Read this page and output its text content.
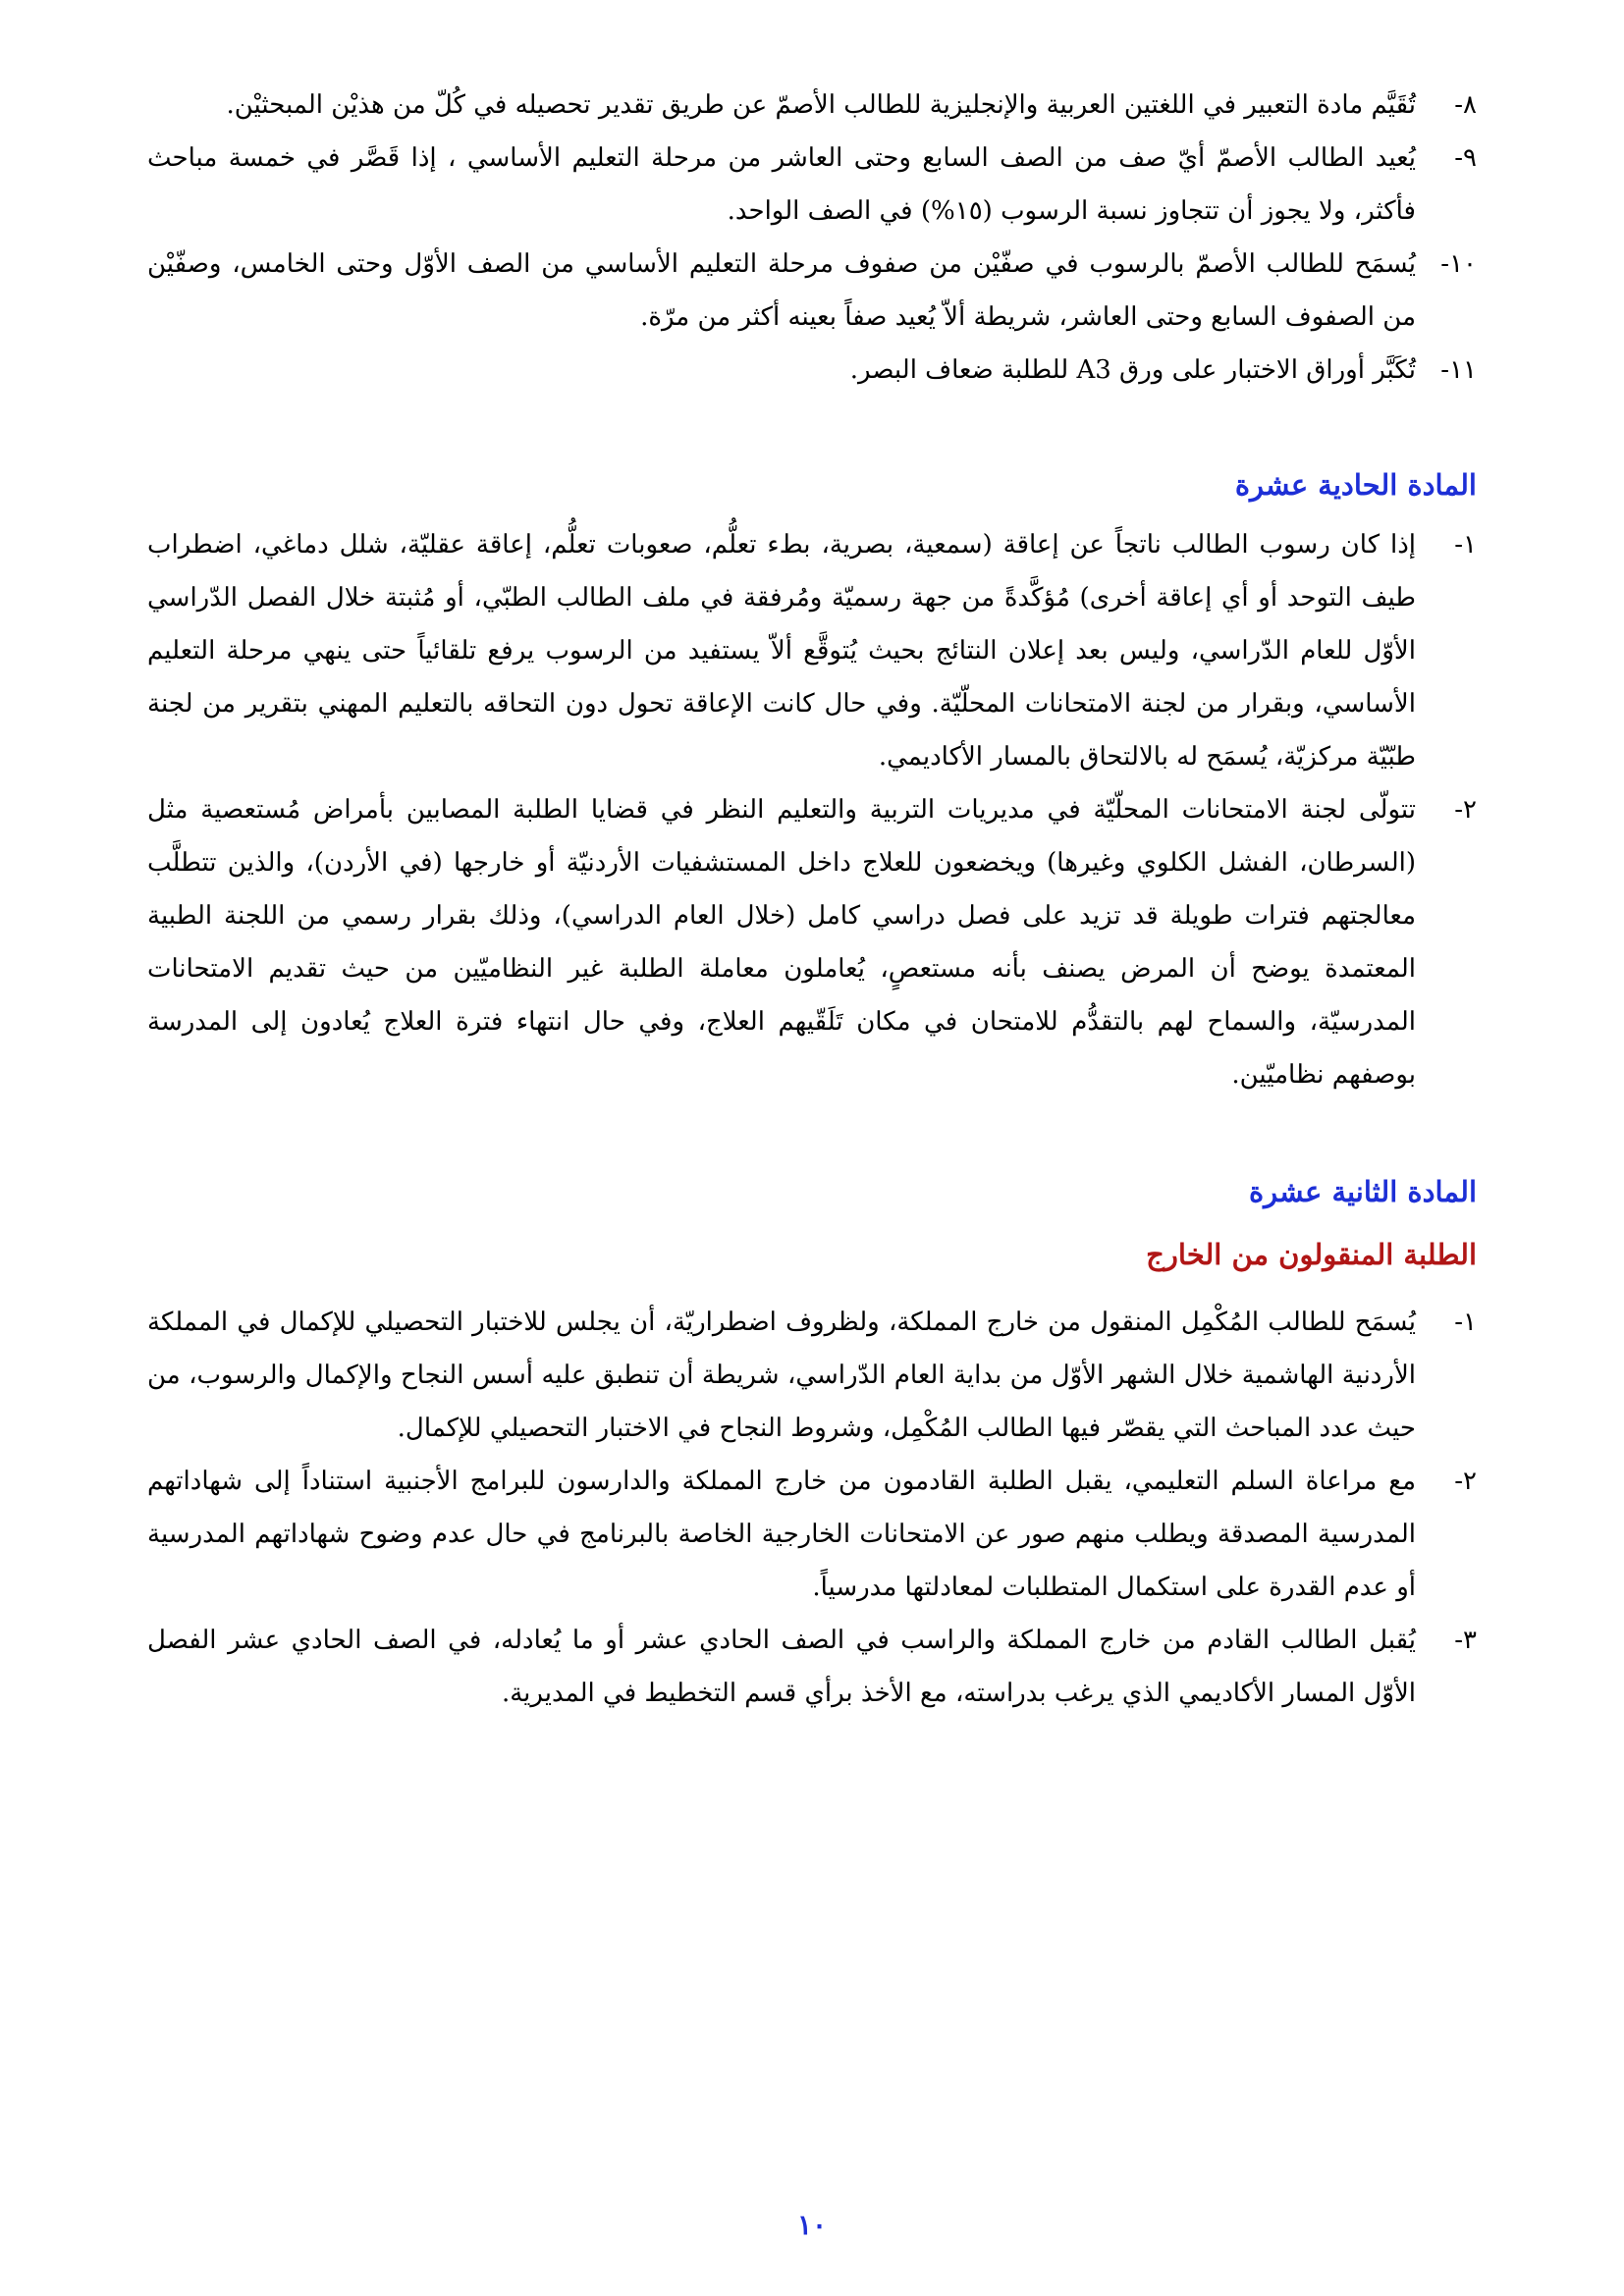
٨-
تُقَيَّم مادة التعبير في اللغتين العربية والإنجليزية للطالب الأصمّ عن طريق تقدير تحصيله في كُلّ من هذيْن المبحثيْن.
٩-
يُعيد الطالب الأصمّ أيّ صف من الصف السابع وحتى العاشر من مرحلة التعليم الأساسي ، إذا قَصَّر في خمسة مباحث فأكثر، ولا يجوز أن تتجاوز نسبة الرسوب (١٥%) في الصف الواحد.
١٠-
يُسمَح للطالب الأصمّ بالرسوب في صفّيْن من صفوف مرحلة التعليم الأساسي من الصف الأوّل وحتى الخامس، وصفّيْن من الصفوف السابع وحتى العاشر، شريطة ألاّ يُعيد صفاً بعينه أكثر من مرّة.
١١-
تُكَبَّر أوراق الاختبار على ورق A3 للطلبة ضعاف البصر.
المادة الحادية عشرة
١-
إذا كان رسوب الطالب ناتجاً عن إعاقة (سمعية، بصرية، بطء تعلُّم، صعوبات تعلُّم، إعاقة عقليّة، شلل دماغي، اضطراب طيف التوحد أو أي إعاقة أخرى) مُؤكَّدةً من جهة رسميّة ومُرفقة في ملف الطالب الطبّي، أو مُثبتة خلال الفصل الدّراسي الأوّل للعام الدّراسي، وليس بعد إعلان النتائج بحيث يُتوقَّع ألاّ يستفيد من الرسوب يرفع تلقائياً حتى ينهي مرحلة التعليم الأساسي، وبقرار من لجنة الامتحانات المحلّيّة. وفي حال كانت الإعاقة تحول دون التحاقه بالتعليم المهني بتقرير من لجنة طبّيّة مركزيّة، يُسمَح له بالالتحاق بالمسار الأكاديمي.
٢-
تتولّى لجنة الامتحانات المحلّيّة في مديريات التربية والتعليم النظر في قضايا الطلبة المصابين بأمراض مُستعصية مثل (السرطان، الفشل الكلوي وغيرها) ويخضعون للعلاج داخل المستشفيات الأردنيّة أو خارجها (في الأردن)، والذين تتطلَّب معالجتهم فترات طويلة قد تزيد على فصل دراسي كامل (خلال العام الدراسي)، وذلك بقرار رسمي من اللجنة الطبية المعتمدة يوضح أن المرض يصنف بأنه مستعصٍ، يُعاملون معاملة الطلبة غير النظاميّين من حيث تقديم الامتحانات المدرسيّة، والسماح لهم بالتقدُّم للامتحان في مكان تَلَقّيهم العلاج، وفي حال انتهاء فترة العلاج يُعادون إلى المدرسة بوصفهم نظاميّين.
المادة الثانية عشرة
الطلبة المنقولون من الخارج
١-
يُسمَح للطالب المُكْمِل المنقول من خارج المملكة، ولظروف اضطراريّة، أن يجلس للاختبار التحصيلي للإكمال في المملكة الأردنية الهاشمية خلال الشهر الأوّل من بداية العام الدّراسي، شريطة أن تنطبق عليه أسس النجاح والإكمال والرسوب، من حيث عدد المباحث التي يقصّر فيها الطالب المُكْمِل، وشروط النجاح في الاختبار التحصيلي للإكمال.
٢-
مع مراعاة السلم التعليمي، يقبل الطلبة القادمون من خارج المملكة والدارسون للبرامج الأجنبية استناداً إلى شهاداتهم المدرسية المصدقة ويطلب منهم صور عن الامتحانات الخارجية الخاصة بالبرنامج في حال عدم وضوح شهاداتهم المدرسية أو عدم القدرة على استكمال المتطلبات لمعادلتها مدرسياً.
٣-
يُقبل الطالب القادم من خارج المملكة والراسب في الصف الحادي عشر أو ما يُعادله، في الصف الحادي عشر الفصل الأوّل المسار الأكاديمي الذي يرغب بدراسته، مع الأخذ برأي قسم التخطيط في المديرية.
١٠
